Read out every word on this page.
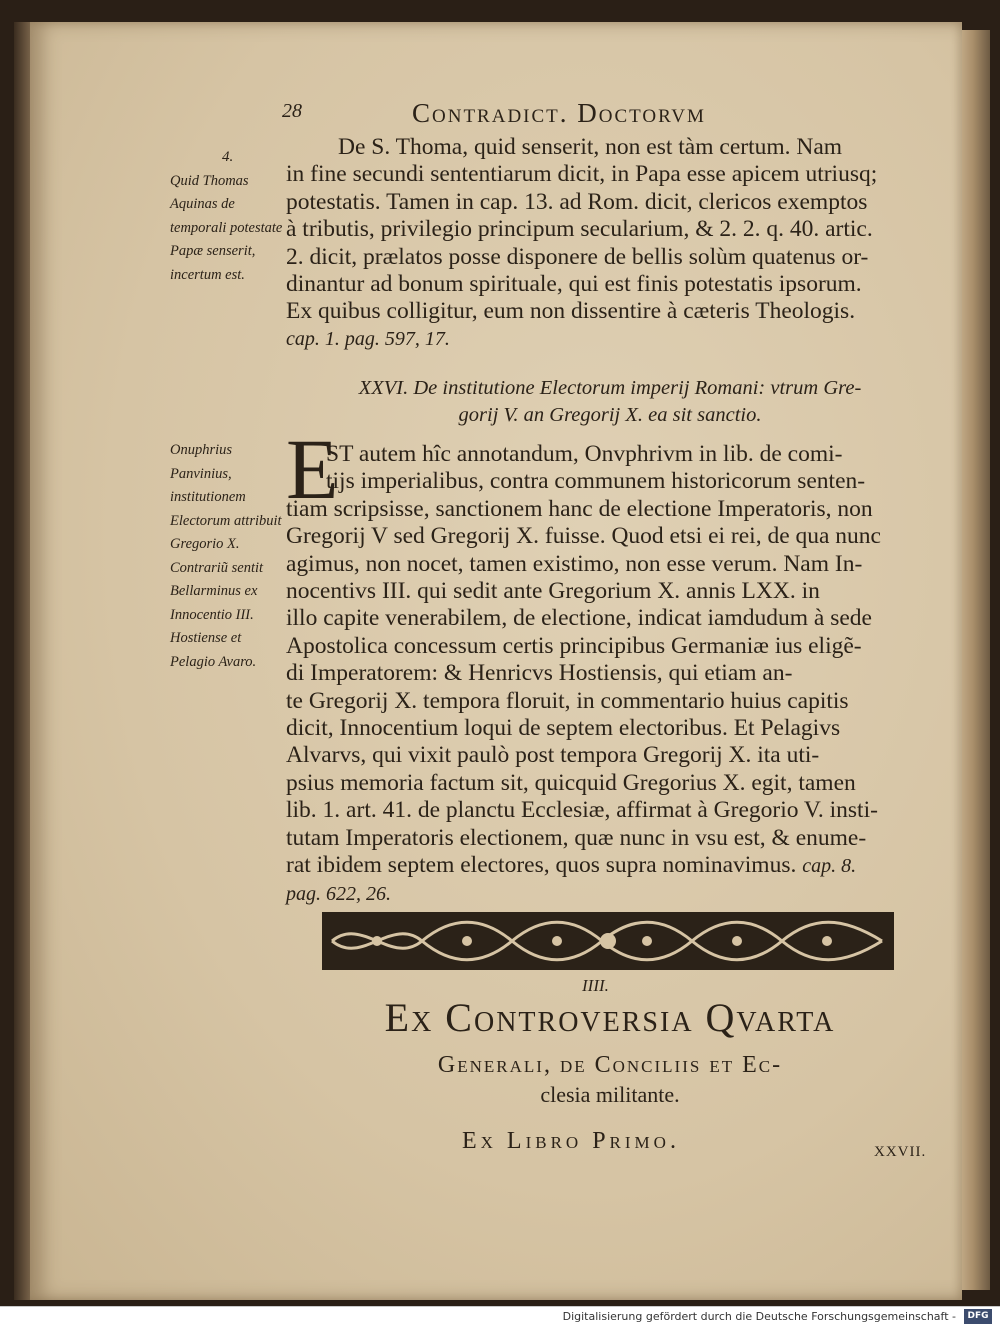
28	Contradict. Doctorvm
4.
Quid Thomas Aquinas de temporali potestate Papæ senserit, incertum est.
De S. Thoma, quid senserit, non est tàm certum. Nam
in fine secundi sententiarum dicit, in Papa esse apicem utriusq;
potestatis. Tamen in cap. 13. ad Rom. dicit, clericos exemptos
à tributis, privilegio principum secularium, & 2. 2. q. 40. artic.
2. dicit, prælatos posse disponere de bellis solùm quatenus or-
dinantur ad bonum spirituale, qui est finis potestatis ipsorum.
Ex quibus colligitur, eum non dissentire à cæteris Theologis.
cap. 1. pag. 597, 17.
XXVI. De institutione Electorum imperij Romani: vtrum Gre-
gorij V. an Gregorij X. ea sit sanctio.
Onuphrius Panvinius, institutionem Electorum attribuit Gregorio X. Contrariũ sentit Bellarminus ex Innocentio III. Hostiense et Pelagio Avaro.
E
ST autem hîc annotandum, Onvphrivm in lib. de comi-
tijs imperialibus, contra communem historicorum senten-
tiam scripsisse, sanctionem hanc de electione Imperatoris, non
Gregorij V sed Gregorij X. fuisse. Quod etsi ei rei, de qua nunc
agimus, non nocet, tamen existimo, non esse verum. Nam In-
nocentivs III. qui sedit ante Gregorium X. annis LXX. in
illo capite venerabilem, de electione, indicat iamdudum à sede
Apostolica concessum certis principibus Germaniæ ius eligẽ-
di Imperatorem: & Henricvs Hostiensis, qui etiam an-
te Gregorij X. tempora floruit, in commentario huius capitis
dicit, Innocentium loqui de septem electoribus. Et Pelagivs
Alvarvs, qui vixit paulò post tempora Gregorij X. ita uti-
psius memoria factum sit, quicquid Gregorius X. egit, tamen
lib. 1. art. 41. de planctu Ecclesiæ, affirmat à Gregorio V. insti-
tutam Imperatoris electionem, quæ nunc in vsu est, & enume-
rat ibidem septem electores, quos supra nominavimus. cap. 8.
pag. 622, 26.
IIII.
Ex Controversia Qvarta
Generali, de Conciliis et Ec-
clesia militante.
Ex Libro Primo.	XXVII.
Digitalisierung gefördert durch die Deutsche Forschungsgemeinschaft -	DFG
